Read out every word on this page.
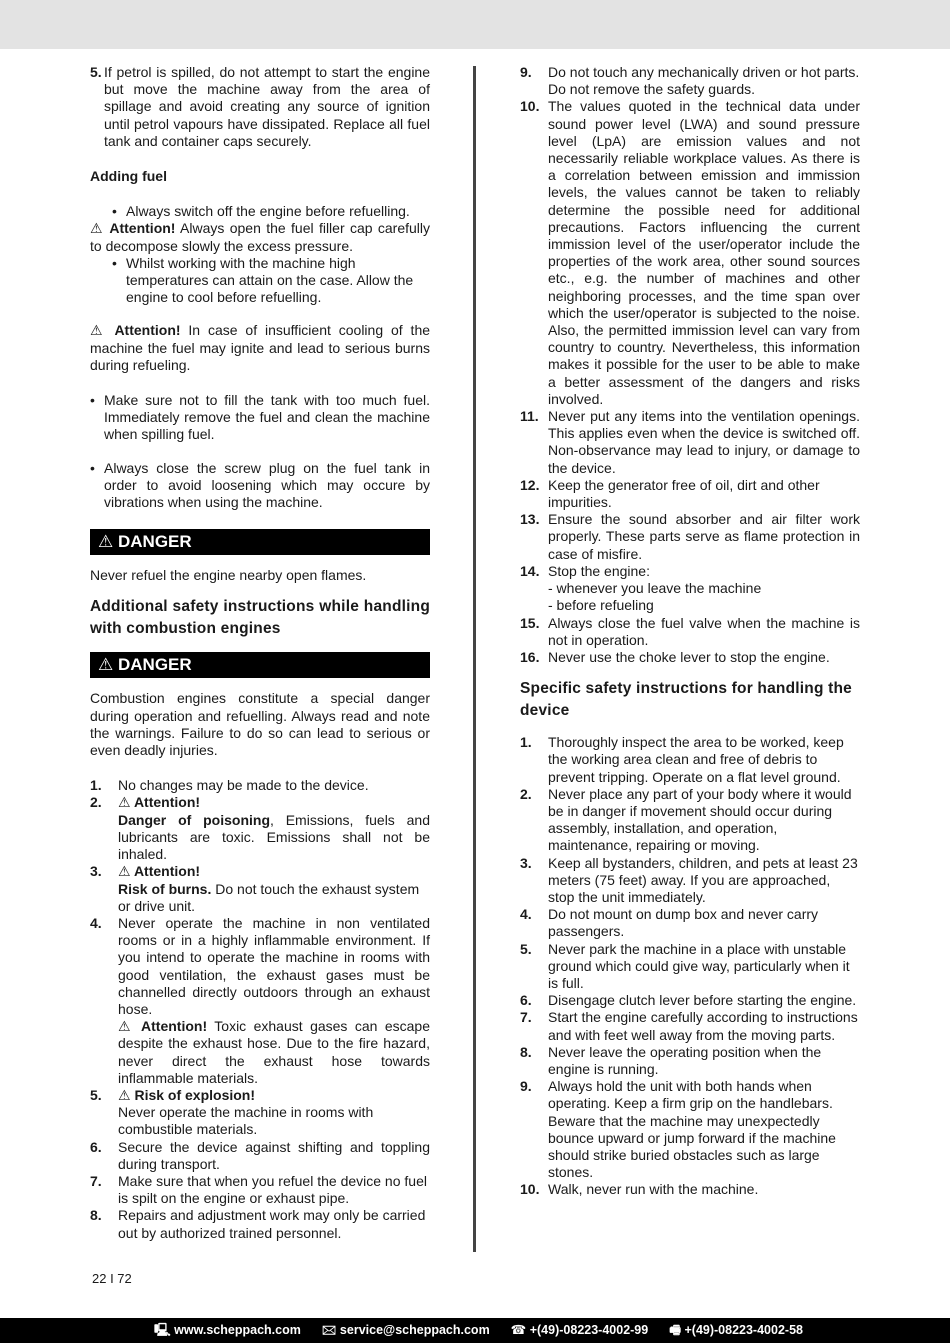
5. If petrol is spilled, do not attempt to start the engine but move the machine away from the area of spillage and avoid creating any source of ignition until petrol vapours have dissipated. Replace all fuel tank and container caps securely.

Adding fuel

• Always switch off the engine before refuelling.

⚠ Attention! Always open the fuel filler cap carefully to decompose slowly the excess pressure.

• Whilst working with the machine high temperatures can attain on the case. Allow the engine to cool before refuelling.

⚠ Attention! In case of insufficient cooling of the machine the fuel may ignite and lead to serious burns during refueling.

• Make sure not to fill the tank with too much fuel. Immediately remove the fuel and clean the machine when spilling fuel.
• Always close the screw plug on the fuel tank in order to avoid loosening which may occure by vibrations when using the machine.
⚠ DANGER

Never refuel the engine nearby open flames.

Additional safety instructions while handling with combustion engines

⚠ DANGER

Combustion engines constitute a special danger during operation and refuelling. Always read and note the warnings. Failure to do so can lead to serious or even deadly injuries.

1.	No changes may be made to the device.
2.	⚠ Attention!
Danger of poisoning, Emissions, fuels and lubricants are toxic. Emissions shall not be inhaled.
3.	⚠ Attention!
Risk of burns. Do not touch the exhaust system or drive unit.
4.	Never operate the machine in non ventilated rooms or in a highly inflammable environment. If you intend to operate the machine in rooms with good ventilation, the exhaust gases must be channelled directly outdoors through an exhaust hose.
⚠ Attention! Toxic exhaust gases can escape despite the exhaust hose. Due to the fire hazard, never direct the exhaust hose towards inflammable materials.
5.	⚠ Risk of explosion!
Never operate the machine in rooms with combustible materials.
6.	Secure the device against shifting and toppling during transport.
7.	Make sure that when you refuel the device no fuel is spilt on the engine or exhaust pipe.
8.	Repairs and adjustment work may only be carried out by authorized trained personnel.
9.	Do not touch any mechanically driven or hot parts. Do not remove the safety guards.
10. The values quoted in the technical data under sound power level (LWA) and sound pressure level (LpA) are emission values and not necessarily reliable workplace values. As there is a correlation between emission and immission levels, the values cannot be taken to reliably determine the possible need for additional precautions. Factors influencing the current immission level of the user/operator include the properties of the work area, other sound sources etc., e.g. the number of machines and other neighboring processes, and the time span over which the user/operator is subjected to the noise. Also, the permitted immission level can vary from country to country. Nevertheless, this information makes it possible for the user to be able to make a better assessment of the dangers and risks involved.
11. Never put any items into the ventilation openings. This applies even when the device is switched off. Non-observance may lead to injury, or damage to the device.
12. Keep the generator free of oil, dirt and other impurities.
13. Ensure the sound absorber and air filter work properly. These parts serve as flame protection in case of misfire.
14. Stop the engine:
- whenever you leave the machine
- before refueling
15. Always close the fuel valve when the machine is not in operation.
16. Never use the choke lever to stop the engine.

Specific safety instructions for handling the device

1.	Thoroughly inspect the area to be worked, keep the working area clean and free of debris to prevent tripping. Operate on a flat level ground.
2.	Never place any part of your body where it would be in danger if movement should occur during assembly, installation, and operation, maintenance, repairing or moving.
3.	Keep all bystanders, children, and pets at least 23 meters (75 feet) away. If you are approached, stop the unit immediately.
4.	Do not mount on dump box and never carry passengers.
5.	Never park the machine in a place with unstable ground which could give way, particularly when it is full.
6.	Disengage clutch lever before starting the engine.
7.	Start the engine carefully according to instructions and with feet well away from the moving parts.
8.	Never leave the operating position when the engine is running.
9.	Always hold the unit with both hands when operating. Keep a firm grip on the handlebars. Beware that the machine may unexpectedly bounce upward or jump forward if the machine should strike buried obstacles such as large stones.
10. Walk, never run with the machine.
22 I 72
🖳 www.scheppach.com 🖂 service@scheppach.com ☎ +(49)-08223-4002-99 🖷 +(49)-08223-4002-58
